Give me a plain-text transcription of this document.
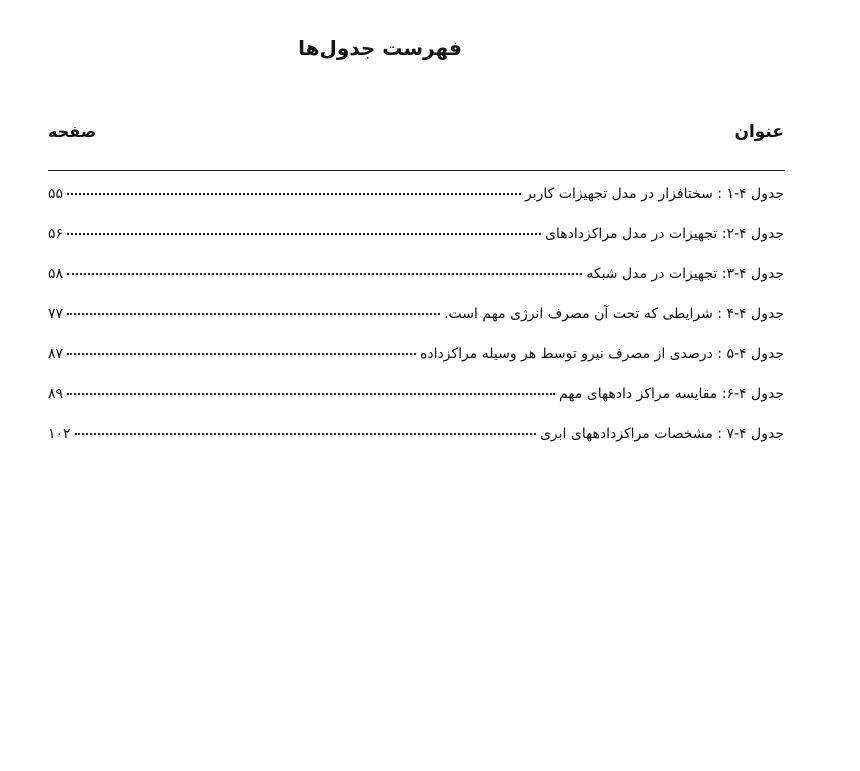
فهرست جدول‌ها
عنوان
صفحه
جدول ۴-۱ : سختافزار در مدل تجهیزات کاربر
۵۵
جدول ۴-۲: تجهیزات در مدل مراکزدادهای
۵۶
جدول ۴-۳: تجهیزات در مدل شبکه
۵۸
جدول ۴-۴ : شرایطی که تحت آن مصرف انرژی مهم است.
۷۷
جدول ۴-۵ : درصدی از مصرف نیرو توسط هر وسیله مراکزداده
۸۷
جدول ۴-۶: مقایسه مراکز دادههای مهم
۸۹
جدول ۴-۷ : مشخصات مراکزدادههای ابری
۱۰۲
